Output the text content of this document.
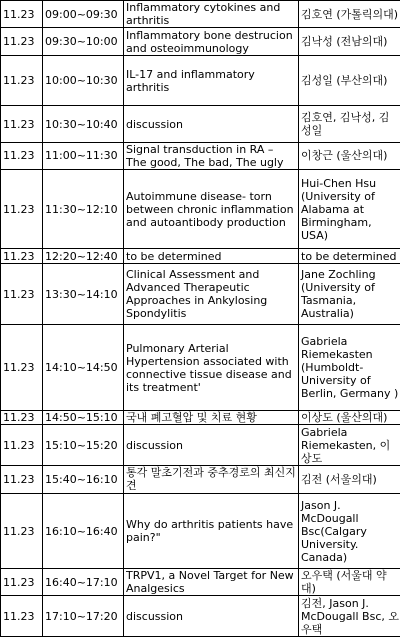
11.23	09:00~09:30	Inflammatory cytokines and arthritis	김호연 (가톨릭의대)
11.23	09:30~10:00	Inflammatory bone destrucion and osteoimmunology	김낙성 (전남의대)
11.23	10:00~10:30	IL-17 and inflammatory arthritis	김성일 (부산의대)
11.23	10:30~10:40	discussion	김호연, 김낙성, 김성일
11.23	11:00~11:30	Signal transduction in RA – The good, The bad, The ugly	이창근 (울산의대)
11.23	11:30~12:10	Autoimmune disease- torn between chronic inflammation and autoantibody production	Hui-Chen Hsu (University of Alabama at Birmingham, USA)
11.23	12:20~12:40	to be determined	to be determined
11.23	13:30~14:10	Clinical Assessment and Advanced Therapeutic Approaches in Ankylosing Spondylitis	Jane Zochling (University of Tasmania, Australia)
11.23	14:10~14:50	Pulmonary Arterial Hypertension associated with connective tissue disease and its treatment'	Gabriela Riemekasten (Humboldt-University of Berlin, Germany )
11.23	14:50~15:10	국내 폐고혈압 및 치료 현황	이상도 (울산의대)
11.23	15:10~15:20	discussion	Gabriela Riemekasten, 이상도
11.23	15:40~16:10	통각 말초기전과 중추경로의 최신지견	김전 (서울의대)
11.23	16:10~16:40	Why do arthritis patients have pain?"	Jason J. McDougall Bsc(Calgary University. Canada)
11.23	16:40~17:10	TRPV1, a Novel Target for New Analgesics	오우택 (서울대 약대)
11.23	17:10~17:20	discussion	김전, Jason J. McDougall Bsc, 오우택
